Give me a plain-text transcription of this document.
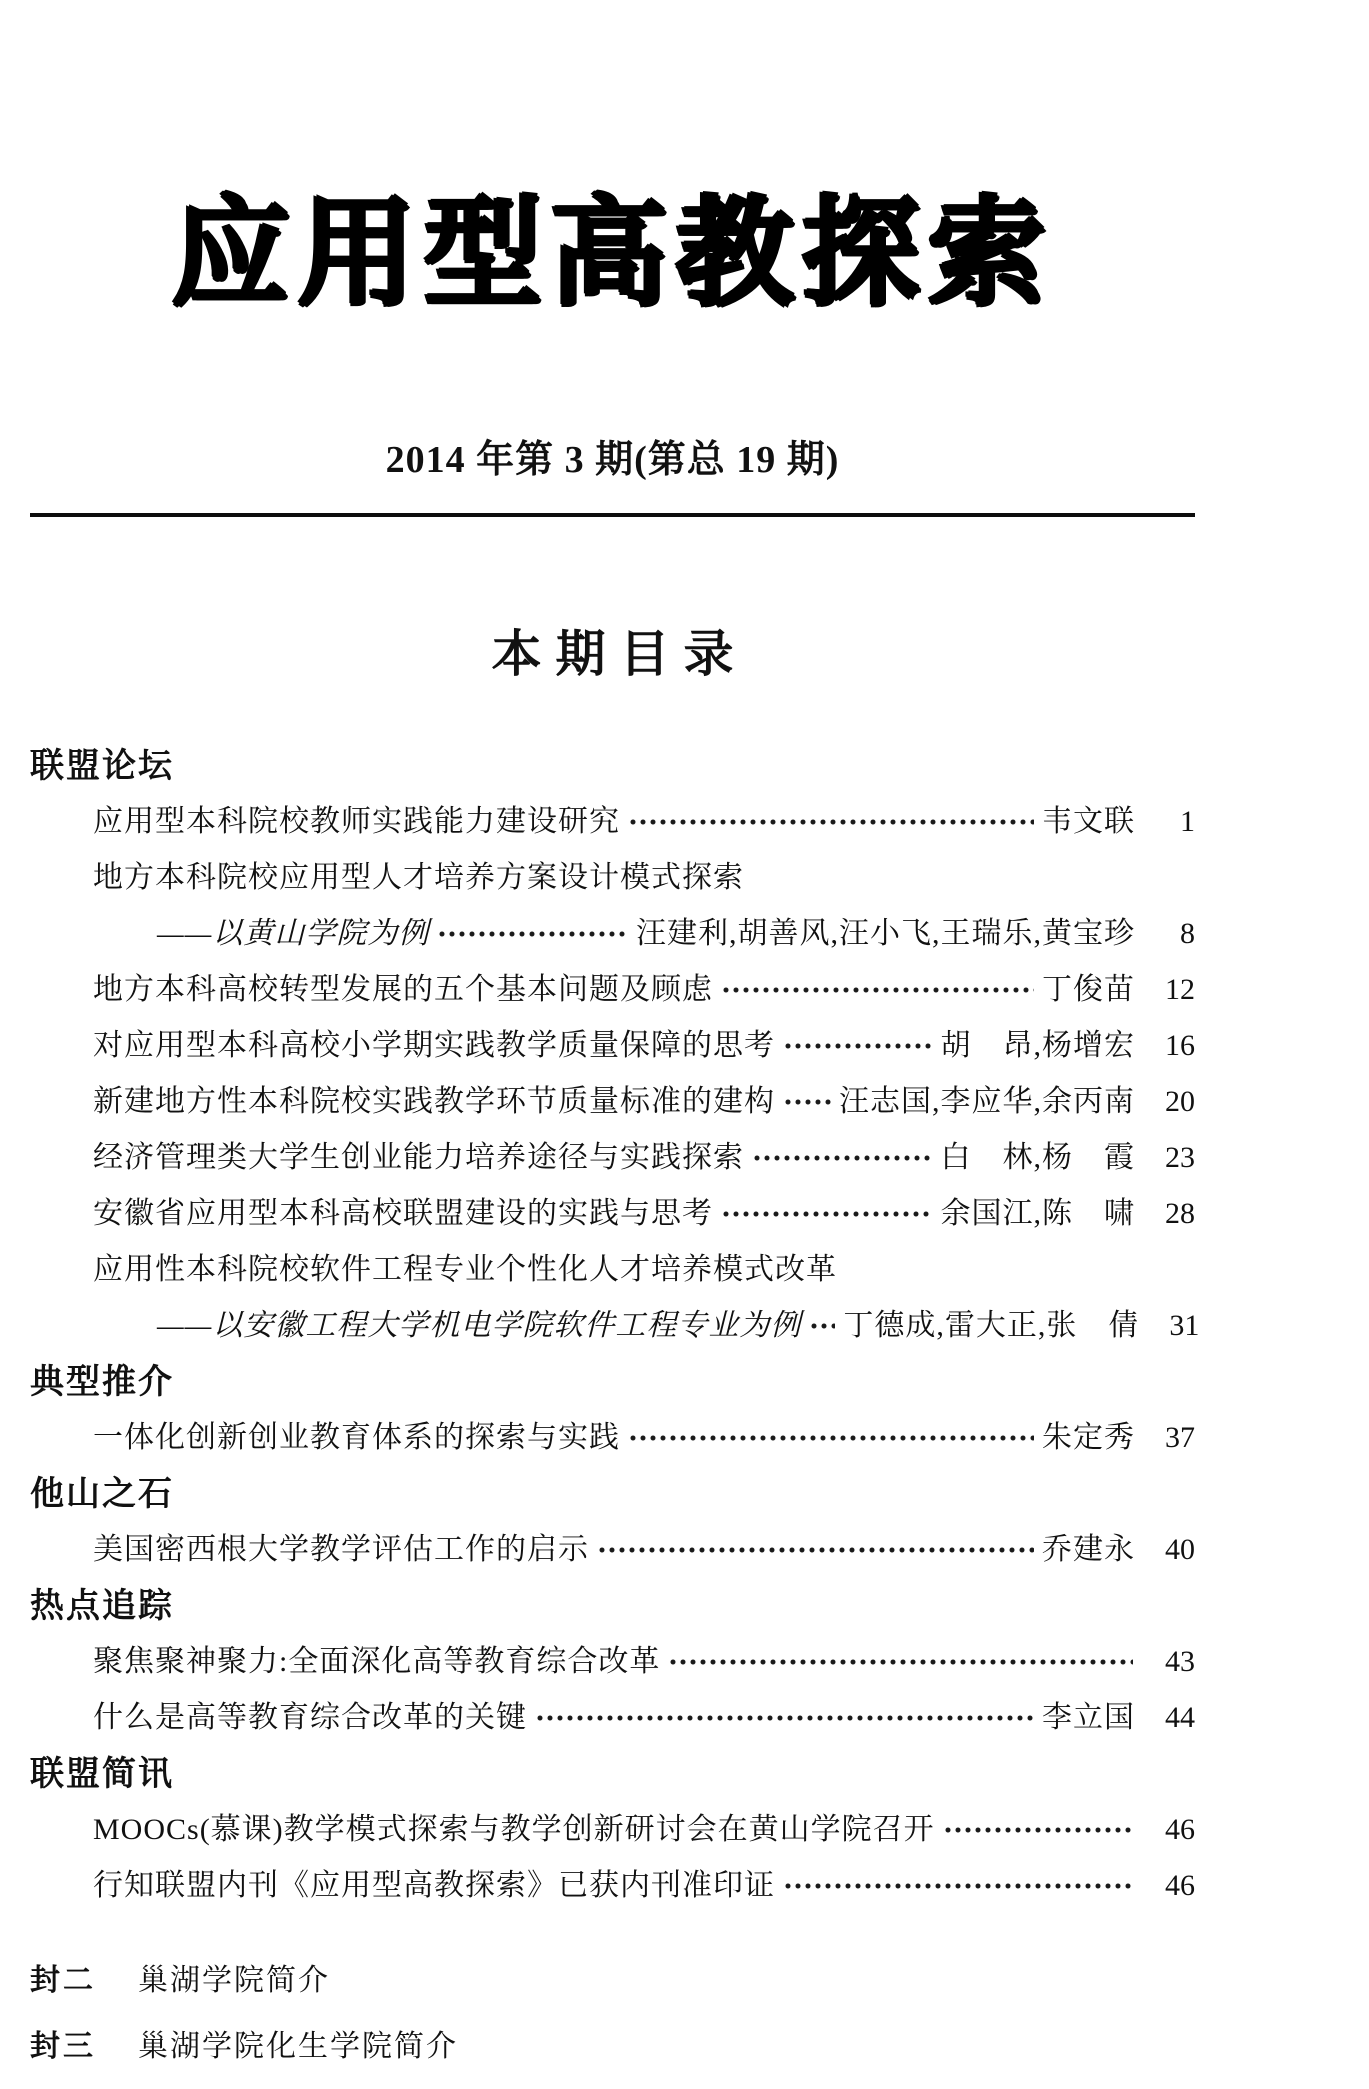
应用型高教探索
2014 年第 3 期(第总 19 期)
本期目录
联盟论坛
应用型本科院校教师实践能力建设研究	韦文联	1
地方本科院校应用型人才培养方案设计模式探索
——以黄山学院为例	汪建利,胡善风,汪小飞,王瑞乐,黄宝珍	8
地方本科高校转型发展的五个基本问题及顾虑	丁俊苗	12
对应用型本科高校小学期实践教学质量保障的思考	胡　昂,杨增宏	16
新建地方性本科院校实践教学环节质量标准的建构 汪志国,李应华,余丙南	20
经济管理类大学生创业能力培养途径与实践探索	白　林,杨　霞	23
安徽省应用型本科高校联盟建设的实践与思考	余国江,陈　啸	28
应用性本科院校软件工程专业个性化人才培养模式改革
——以安徽工程大学机电学院软件工程专业为例 丁德成,雷大正,张　倩	31
典型推介
一体化创新创业教育体系的探索与实践	朱定秀	37
他山之石
美国密西根大学教学评估工作的启示	乔建永	40
热点追踪
聚焦聚神聚力:全面深化高等教育综合改革	43
什么是高等教育综合改革的关键	李立国	44
联盟简讯
MOOCs(慕课)教学模式探索与教学创新研讨会在黄山学院召开	46
行知联盟内刊《应用型高教探索》已获内刊准印证	46
封二 巢湖学院简介
封三 巢湖学院化生学院简介
